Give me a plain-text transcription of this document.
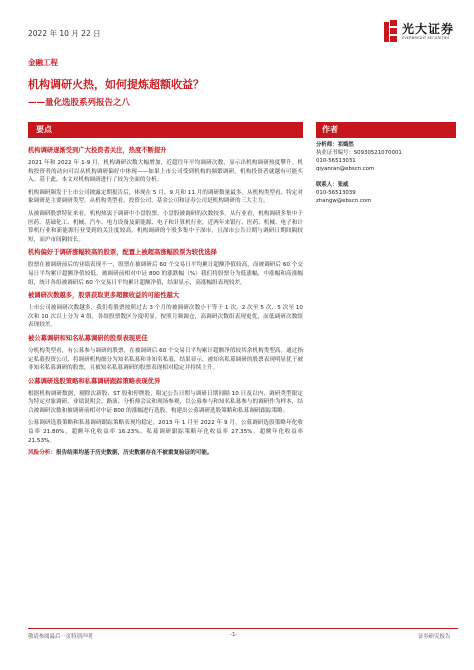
2022 年 10 月 22 日	光大证券
EVERBRIGHT SECURITIES
金融工程
机构调研火热，如何提炼超额收益？
——量化选股系列报告之八
要点
机构调研逐渐受到广大投资者关注，热度不断提升
2021 年和 2022 年 1-9 月，机构调研次数大幅增加，近超往年平均调研次数，显示出机构调研热度攀升。机构投资者的动向可以从机构调研偏好中体现——如果上市公司受到机构的频繁调研，机构投资者就越有可能买入。基于此，本文对机构调研进行了较为全面的分析。
机构调研频发于上市公司披露定期报告后，体现在 5 月、9 月和 11 月的调研数量最多。从机构类型看，特定对象调研是主要调研类型。从机构类型看，投资公司、基金公司和证券公司是机构调研的三大主力。
从被调研股票特征来看，机构热衷于调研中小盘股票，小盘股被调研的次数较多。从行业看，机构调研多集中于医药、基础化工、机械、汽车、电力设备及新能源、电子和计算机行业，近两年来银行、医药、机械、电子和计算机行业和新能源行业受到的关注度较高。机构调研的个股多集中于深市，且深市公告日期与调研日期间隔较短，而沪市间隔较长。
机构偏好于调研涨幅较高的股票，配置上被超高涨幅股票为较优选择
股票在被调研前后的业绩表现不一，股票在被调研后 60 个交易日平均累计超额净值较高，而被调研后 60 个交易日平均累计超额净值较低。被调研前相对中证 800 的涨跌幅（%）我们将股票分为低涨幅、中涨幅和高涨幅组，统计各组被调研后 60 个交易日平均累计超额净值，结果显示，高涨幅组表现较差。
被调研次数越多，股票获取更多超额收益的可能性越大
上市公司被调研次数越多，我们将股票按照过去 3 个月的被调研次数小于等于 1 次、2 次至 5 次、5 次至 10 次和 10 次以上分为 4 组，各组股票数区分度明显。按照月频调仓，高调研次数组表现更优，而低调研次数组表现较差。
被公募调研和知名私募调研的股票表现更佳
分机构类型看，有公募参与调研的股票，在被调研后 60 个交易日平均累计超额净值较其余机构类型高。通过指定私募投资公司，将调研机构细分为知名私募和非知名私募，结果显示，被知名私募调研的股票表现明显优于被非知名私募调研的股票，且被知名私募调研的股票表现相对稳定并持续上升。
公募调研选股策略和私募调研跟踪策略表现优异
根据机构调研数据，剔除次新股、ST 股和停牌股，限定公告日期与调研日期间隔 10 日及以内，调研类型限定为特定对象调研、业绩说明会、路演、分析师会议和现场参观，以公募参与和知名私募参与的调研作为样本，结合被调研次数和被调研前相对中证 800 的涨幅进行选股，构建出公募调研选股策略和私募调研跟踪策略。
公募调研选股策略和私募调研跟踪策略表现均稳定。2013 年 1 月至 2022 年 9 月，公募调研选股策略年化收益率 21.80%，超额年化收益率 16.23%。私募调研跟踪策略年化收益率 27.35%，超额年化收益率 21.53%。
风险分析：报告结果均基于历史数据，历史数据存在不被重复验证的可能。
作者
分析师：祁嫣然
执业证书编号：S0930521070001
010-56513031
qiyanran@ebscn.com
联系人：张威
010-56513039
zhangw@ebscn.com
敬请参阅最后一页特别声明	-1-	证券研究报告
